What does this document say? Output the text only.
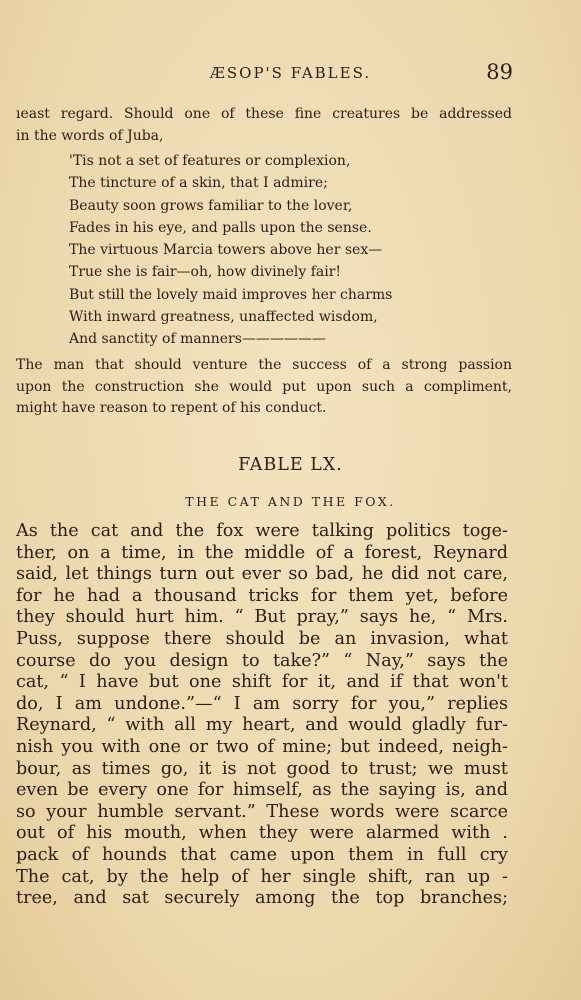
ÆSOP'S FABLES.	89
ıeast regard. Should one of these fine creatures be addressed
in the words of Juba,
'Tis not a set of features or complexion,
The tincture of a skin, that I admire;
Beauty soon grows familiar to the lover,
Fades in his eye, and palls upon the sense.
The virtuous Marcia towers above her sex—
True she is fair—oh, how divinely fair!
But still the lovely maid improves her charms
With inward greatness, unaffected wisdom,
And sanctity of manners——————
The man that should venture the success of a strong passion
upon the construction she would put upon such a compliment,
might have reason to repent of his conduct.
FABLE LX.
THE CAT AND THE FOX.
As the cat and the fox were talking politics toge-
ther, on a time, in the middle of a forest, Reynard
said, let things turn out ever so bad, he did not care,
for he had a thousand tricks for them yet, before
they should hurt him. “ But pray,” says he, “ Mrs.
Puss, suppose there should be an invasion, what
course do you design to take?” “ Nay,” says the
cat, “ I have but one shift for it, and if that won't
do, I am undone.”—“ I am sorry for you,” replies
Reynard, “ with all my heart, and would gladly fur-
nish you with one or two of mine; but indeed, neigh-
bour, as times go, it is not good to trust; we must
even be every one for himself, as the saying is, and
so your humble servant.” These words were scarce
out of his mouth, when they were alarmed with .
pack of hounds that came upon them in full cry
The cat, by the help of her single shift, ran up -
tree, and sat securely among the top branches;
